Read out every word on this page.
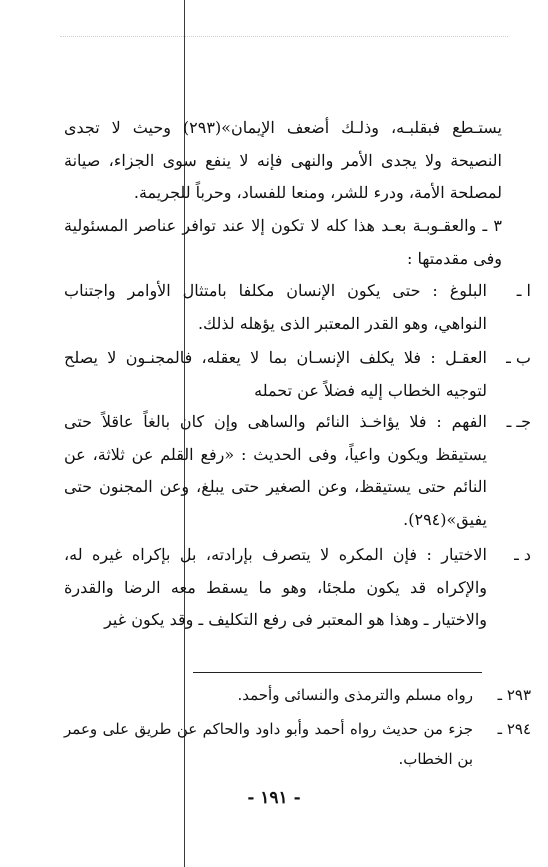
يستـطع فبقلبـه، وذلـك أضعف الإيمان»(٢٩٣) وحيث لا تجدى النصيحة ولا يجدى الأمر والنهى فإنه لا ينفع سوى الجزاء، صيانة لمصلحة الأمة، ودرء للشر، ومنعا للفساد، وحرباً للجريمة.
٣ ـ والعقـوبـة بعـد هذا كله لا تكون إلا عند توافر عناصر المسئولية وفى مقدمتها :
ا ـ
البلوغ : حتى يكون الإنسان مكلفا بامتثال الأوامر واجتناب النواهي، وهو القدر المعتبر الذى يؤهله لذلك.
ب ـ
العقـل : فلا يكلف الإنسـان بما لا يعقله، فالمجنـون لا يصلح لتوجيه الخطاب إليه فضلاً عن تحمله
جـ ـ
الفهم : فلا يؤاخـذ النائم والساهى وإن كان بالغاً عاقلاً حتى يستيقظ ويكون واعياً، وفى الحديث : «رفع القلم عن ثلاثة، عن النائم حتى يستيقظ، وعن الصغير حتى يبلغ، وعن المجنون حتى يفيق»(٢٩٤).
د ـ
الاختيار : فإن المكره لا يتصرف بإرادته، بل بإكراه غيره له، والإكراه قد يكون ملجئا، وهو ما يسقط معه الرضا والقدرة والاختيار ـ وهذا هو المعتبر فى رفع التكليف ـ وقد يكون غير
٢٩٣ ـ
رواه مسلم والترمذى والنسائى وأحمد.
٢٩٤ ـ
جزء من حديث رواه أحمد وأبو داود والحاكم عن طريق على وعمر بن الخطاب.
- ١٩١ -
